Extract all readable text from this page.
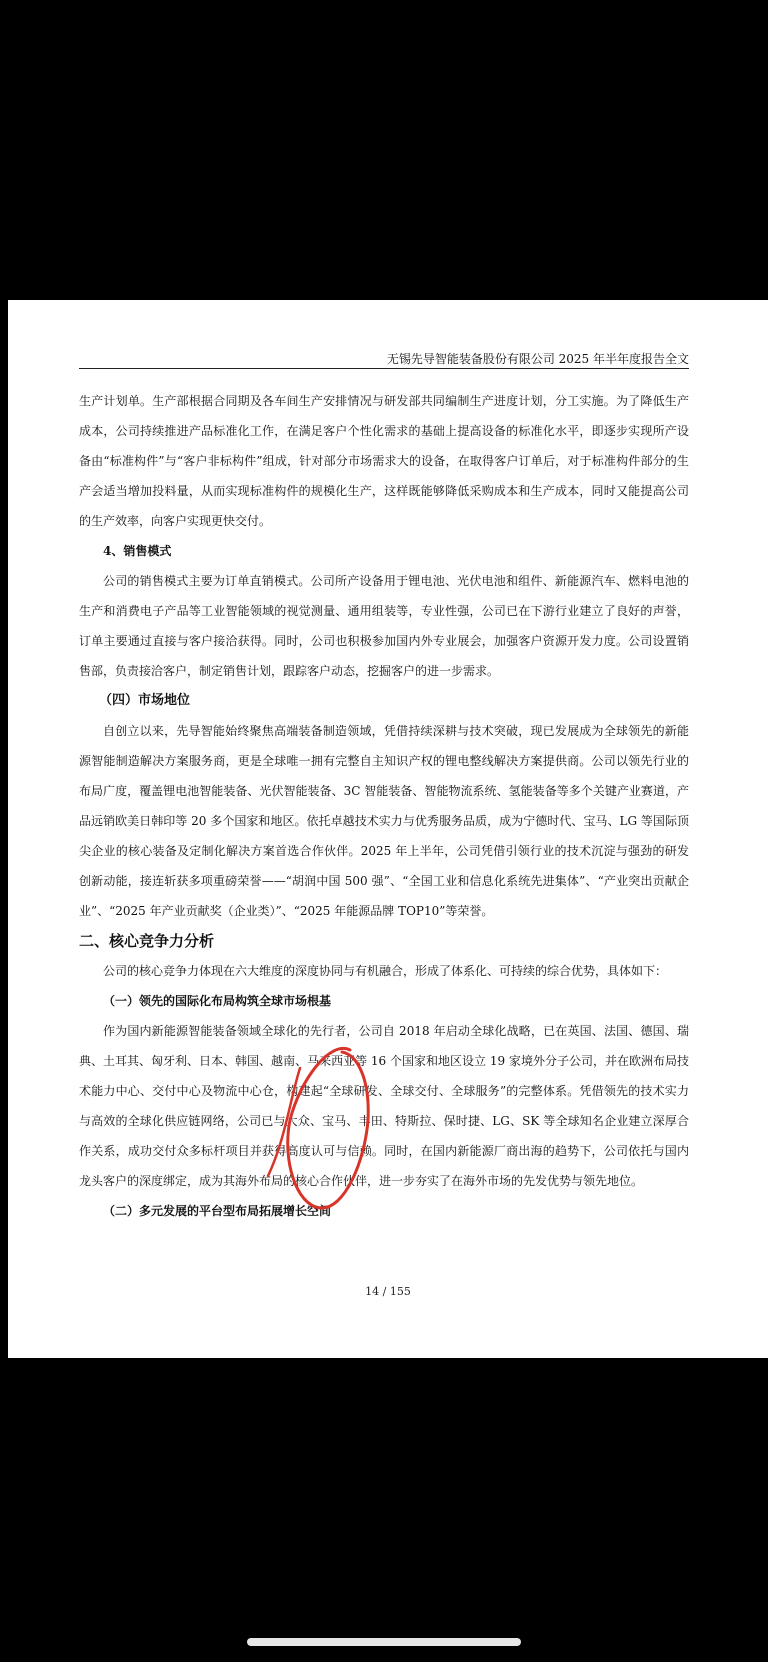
无锡先导智能装备股份有限公司 2025 年半年度报告全文

生产计划单。生产部根据合同期及各车间生产安排情况与研发部共同编制生产进度计划，分工实施。为了降低生产成本，公司持续推进产品标准化工作，在满足客户个性化需求的基础上提高设备的标准化水平，即逐步实现所产设备由“标准构件”与“客户非标构件”组成，针对部分市场需求大的设备，在取得客户订单后，对于标准构件部分的生产会适当增加投料量，从而实现标准构件的规模化生产，这样既能够降低采购成本和生产成本，同时又能提高公司的生产效率，向客户实现更快交付。

4、销售模式

公司的销售模式主要为订单直销模式。公司所产设备用于锂电池、光伏电池和组件、新能源汽车、燃料电池的生产和消费电子产品等工业智能领域的视觉测量、通用组装等，专业性强，公司已在下游行业建立了良好的声誉，订单主要通过直接与客户接洽获得。同时，公司也积极参加国内外专业展会，加强客户资源开发力度。公司设置销售部，负责接洽客户，制定销售计划，跟踪客户动态，挖掘客户的进一步需求。

（四）市场地位

自创立以来，先导智能始终聚焦高端装备制造领域，凭借持续深耕与技术突破，现已发展成为全球领先的新能源智能制造解决方案服务商，更是全球唯一拥有完整自主知识产权的锂电整线解决方案提供商。公司以领先行业的布局广度，覆盖锂电池智能装备、光伏智能装备、3C 智能装备、智能物流系统、氢能装备等多个关键产业赛道，产品远销欧美日韩印等 20 多个国家和地区。依托卓越技术实力与优秀服务品质，成为宁德时代、宝马、LG 等国际顶尖企业的核心装备及定制化解决方案首选合作伙伴。2025 年上半年，公司凭借引领行业的技术沉淀与强劲的研发创新动能，接连斩获多项重磅荣誉——“胡润中国 500 强”、“全国工业和信息化系统先进集体”、“产业突出贡献企业”、“2025 年产业贡献奖（企业类）”、“2025 年能源品牌 TOP10”等荣誉。

二、核心竞争力分析

公司的核心竞争力体现在六大维度的深度协同与有机融合，形成了体系化、可持续的综合优势，具体如下：

（一）领先的国际化布局构筑全球市场根基

作为国内新能源智能装备领域全球化的先行者，公司自 2018 年启动全球化战略，已在英国、法国、德国、瑞典、土耳其、匈牙利、日本、韩国、越南、马来西亚等 16 个国家和地区设立 19 家境外分子公司，并在欧洲布局技术能力中心、交付中心及物流中心仓，构建起“全球研发、全球交付、全球服务”的完整体系。凭借领先的技术实力与高效的全球化供应链网络，公司已与大众、宝马、丰田、特斯拉、保时捷、LG、SK 等全球知名企业建立深厚合作关系，成功交付众多标杆项目并获得高度认可与信赖。同时，在国内新能源厂商出海的趋势下，公司依托与国内龙头客户的深度绑定，成为其海外布局的核心合作伙伴，进一步夯实了在海外市场的先发优势与领先地位。

（二）多元发展的平台型布局拓展增长空间

14 / 155
